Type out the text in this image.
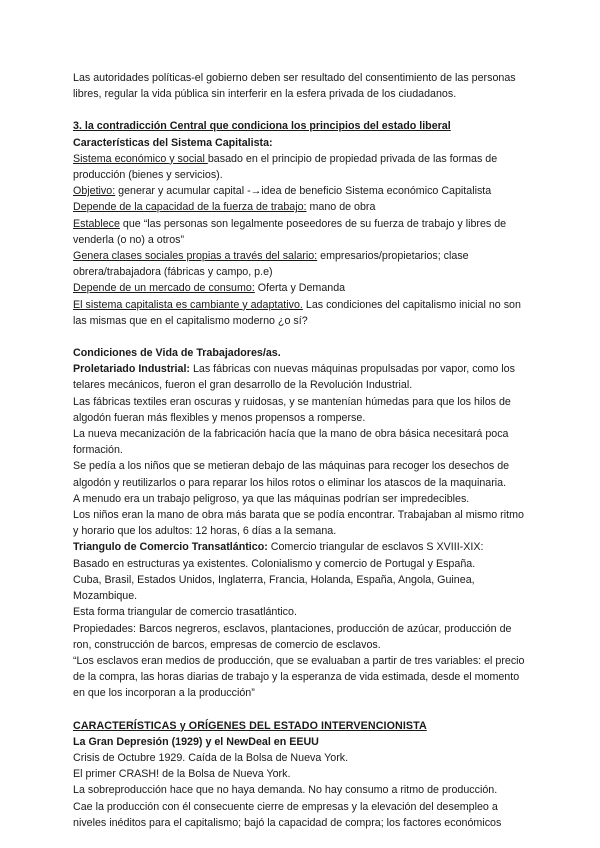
Las autoridades políticas-el gobierno deben ser resultado del consentimiento de las personas libres, regular la vida pública sin interferir en la esfera privada de los ciudadanos.

3. la contradicción Central que condiciona los principios del estado liberal

Características del Sistema Capitalista:

Sistema económico y social basado en el principio de propiedad privada de las formas de producción (bienes y servicios).

Objetivo: generar y acumular capital -→idea de beneficio Sistema económico Capitalista

Depende de la capacidad de la fuerza de trabajo: mano de obra

Establece que “las personas son legalmente poseedores de su fuerza de trabajo y libres de venderla (o no) a otros”

Genera clases sociales propias a través del salario: empresarios/propietarios; clase obrera/trabajadora (fábricas y campo, p.e)

Depende de un mercado de consumo: Oferta y Demanda

El sistema capitalista es cambiante y adaptativo. Las condiciones del capitalismo inicial no son las mismas que en el capitalismo moderno ¿o sí?

Condiciones de Vida de Trabajadores/as.

Proletariado Industrial: Las fábricas con nuevas máquinas propulsadas por vapor, como los telares mecánicos, fueron el gran desarrollo de la Revolución Industrial.

Las fábricas textiles eran oscuras y ruidosas, y se mantenían húmedas para que los hilos de algodón fueran más flexibles y menos propensos a romperse.

La nueva mecanización de la fabricación hacía que la mano de obra básica necesitará poca formación.

Se pedía a los niños que se metieran debajo de las máquinas para recoger los desechos de algodón y reutilizarlos o para reparar los hilos rotos o eliminar los atascos de la maquinaria.

A menudo era un trabajo peligroso, ya que las máquinas podrían ser impredecibles.

Los niños eran la mano de obra más barata que se podía encontrar. Trabajaban al mismo ritmo y horario que los adultos: 12 horas, 6 días a la semana.

Triangulo de Comercio Transatlántico: Comercio triangular de esclavos S XVIII-XIX:

Basado en estructuras ya existentes. Colonialismo y comercio de Portugal y España.

Cuba, Brasil, Estados Unidos, Inglaterra, Francia, Holanda, España, Angola, Guinea, Mozambique.

Esta forma triangular de comercio trasatlántico.

Propiedades: Barcos negreros, esclavos, plantaciones, producción de azúcar, producción de ron, construcción de barcos, empresas de comercio de esclavos.

“Los esclavos eran medios de producción, que se evaluaban a partir de tres variables: el precio de la compra, las horas diarias de trabajo y la esperanza de vida estimada, desde el momento en que los incorporan a la producción”

CARACTERÍSTICAS y ORÍGENES DEL ESTADO INTERVENCIONISTA

La Gran Depresión (1929) y el NewDeal en EEUU

Crisis de Octubre 1929. Caída de la Bolsa de Nueva York.

El primer CRASH! de la Bolsa de Nueva York.

La sobreproducción hace que no haya demanda. No hay consumo a ritmo de producción.

Cae la producción con él consecuente cierre de empresas y la elevación del desempleo a niveles inéditos para el capitalismo; bajó la capacidad de compra; los factores económicos
